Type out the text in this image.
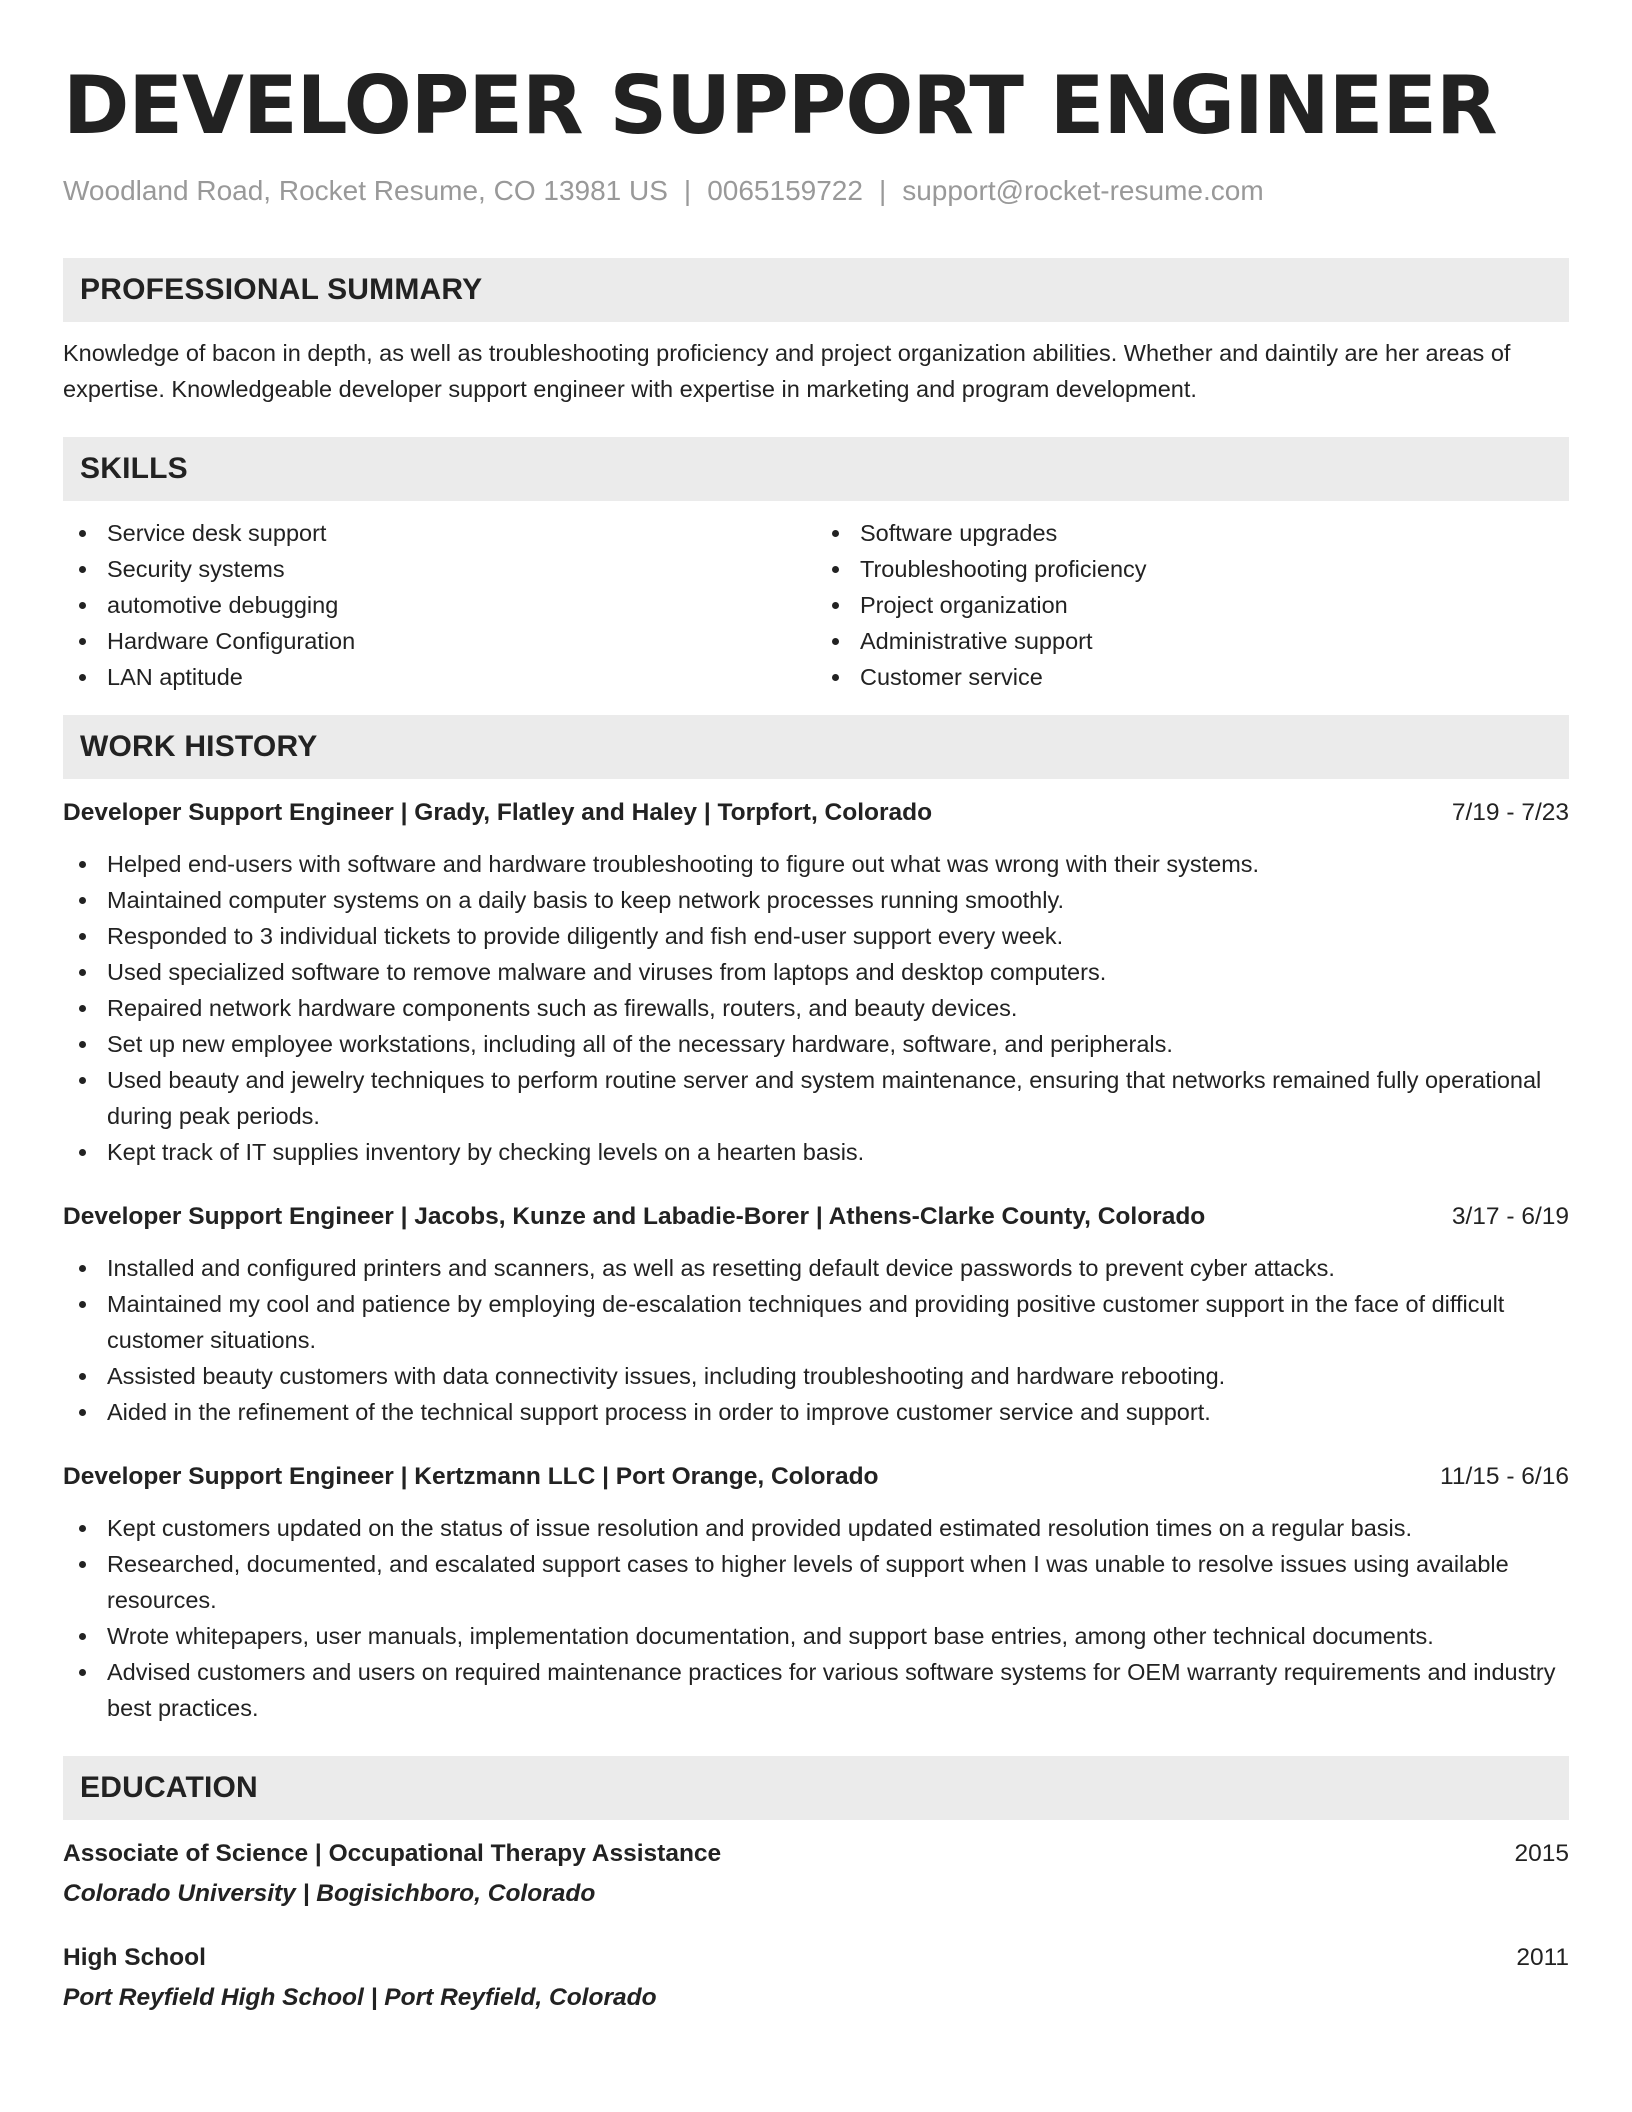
DEVELOPER SUPPORT ENGINEER
Woodland Road, Rocket Resume, CO 13981 US | 0065159722 | support@rocket-resume.com
PROFESSIONAL SUMMARY

Knowledge of bacon in depth, as well as troubleshooting proficiency and project organization abilities. Whether and daintily are her areas of expertise. Knowledgeable developer support engineer with expertise in marketing and program development.

SKILLS
Service desk support
Security systems
automotive debugging
Hardware Configuration
LAN aptitude
Software upgrades
Troubleshooting proficiency
Project organization
Administrative support
Customer service
WORK HISTORY
Developer Support Engineer | Grady, Flatley and Haley | Torpfort, Colorado	7/19 - 7/23
Helped end-users with software and hardware troubleshooting to figure out what was wrong with their systems.
Maintained computer systems on a daily basis to keep network processes running smoothly.
Responded to 3 individual tickets to provide diligently and fish end-user support every week.
Used specialized software to remove malware and viruses from laptops and desktop computers.
Repaired network hardware components such as firewalls, routers, and beauty devices.
Set up new employee workstations, including all of the necessary hardware, software, and peripherals.
Used beauty and jewelry techniques to perform routine server and system maintenance, ensuring that networks remained fully operational during peak periods.
Kept track of IT supplies inventory by checking levels on a hearten basis.
Developer Support Engineer | Jacobs, Kunze and Labadie-Borer | Athens-Clarke County, Colorado	3/17 - 6/19
Installed and configured printers and scanners, as well as resetting default device passwords to prevent cyber attacks.
Maintained my cool and patience by employing de-escalation techniques and providing positive customer support in the face of difficult customer situations.
Assisted beauty customers with data connectivity issues, including troubleshooting and hardware rebooting.
Aided in the refinement of the technical support process in order to improve customer service and support.
Developer Support Engineer | Kertzmann LLC | Port Orange, Colorado	11/15 - 6/16
Kept customers updated on the status of issue resolution and provided updated estimated resolution times on a regular basis.
Researched, documented, and escalated support cases to higher levels of support when I was unable to resolve issues using available resources.
Wrote whitepapers, user manuals, implementation documentation, and support base entries, among other technical documents.
Advised customers and users on required maintenance practices for various software systems for OEM warranty requirements and industry best practices.
EDUCATION
Associate of Science | Occupational Therapy Assistance	2015
Colorado University | Bogisichboro, Colorado
High School	2011
Port Reyfield High School | Port Reyfield, Colorado
